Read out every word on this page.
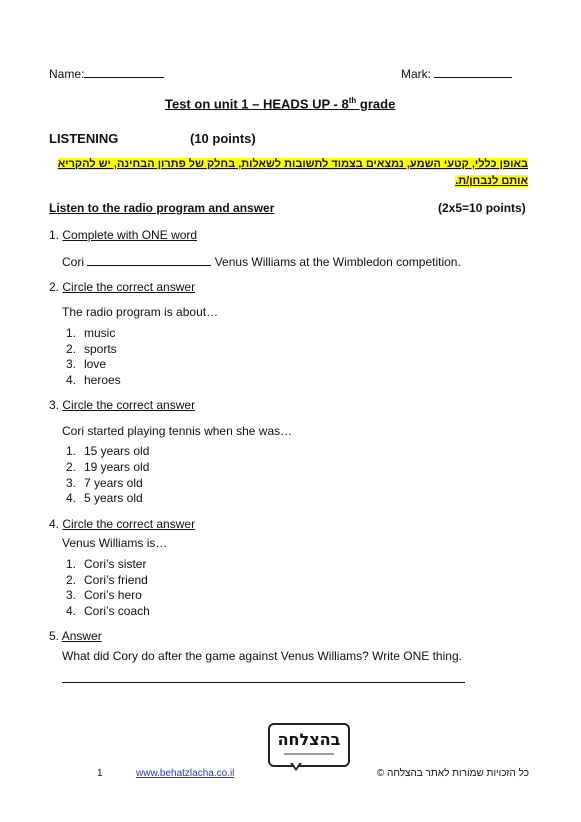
Name:	Mark:
Test on unit 1 – HEADS UP - 8th grade
LISTENING	(10 points)
באופן כללי, קטעי השמע, נמצאים בצמוד לתשובות לשאלות, בחלק של פתרון הבחינה, יש להקריא
אותם לנבחן/ת.
Listen to the radio program and answer	(2x5=10 points)
1. Complete with ONE word
Cori	Venus Williams at the Wimbledon competition.
2. Circle the correct answer
The radio program is about…
1. music
2. sports
3. love
4. heroes
3. Circle the correct answer
Cori started playing tennis when she was…
1. 15 years old
2. 19 years old
3. 7 years old
4. 5 years old
4. Circle the correct answer
Venus Williams is…
1. Cori’s sister
2. Cori’s friend
3. Cori’s hero
4. Cori’s coach
5. Answer
What did Cory do after the game against Venus Williams? Write ONE thing.
בהצלחה
1	www.behatzlacha.co.il	כל הזכויות שמורות לאתר בהצלחה ©
